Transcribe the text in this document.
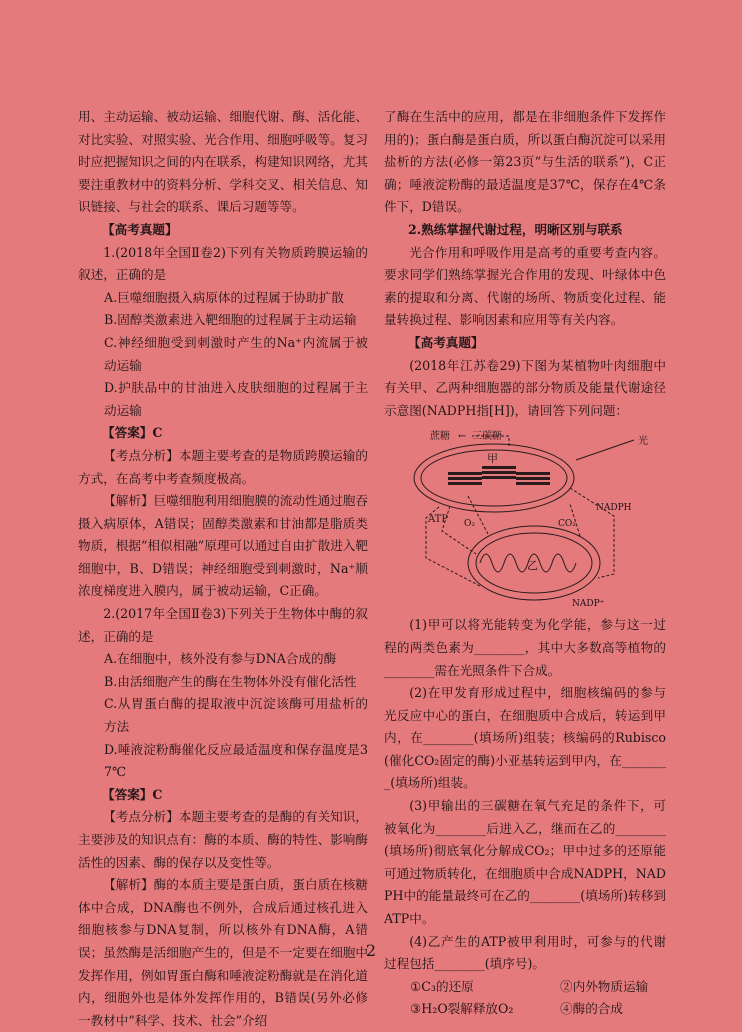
用、主动运输、被动运输、细胞代谢、酶、活化能、对比实验、对照实验、光合作用、细胞呼吸等。复习时应把握知识之间的内在联系，构建知识网络，尤其要注重教材中的资料分析、学科交叉、相关信息、知识链接、与社会的联系、课后习题等等。

【高考真题】

1.(2018年全国Ⅱ卷2)下列有关物质跨膜运输的叙述，正确的是

A.巨噬细胞摄入病原体的过程属于协助扩散

B.固醇类激素进入靶细胞的过程属于主动运输

C.神经细胞受到刺激时产生的Na⁺内流属于被动运输

D.护肤品中的甘油进入皮肤细胞的过程属于主动运输

【答案】C

【考点分析】本题主要考查的是物质跨膜运输的方式，在高考中考查频度极高。

【解析】巨噬细胞利用细胞膜的流动性通过胞吞摄入病原体，A错误；固醇类激素和甘油都是脂质类物质，根据“相似相融”原理可以通过自由扩散进入靶细胞中，B、D错误；神经细胞受到刺激时，Na⁺顺浓度梯度进入膜内，属于被动运输，C正确。

2.(2017年全国Ⅱ卷3)下列关于生物体中酶的叙述，正确的是

A.在细胞中，核外没有参与DNA合成的酶

B.由活细胞产生的酶在生物体外没有催化活性

C.从胃蛋白酶的提取液中沉淀该酶可用盐析的方法

D.唾液淀粉酶催化反应最适温度和保存温度是37℃

【答案】C

【考点分析】本题主要考查的是酶的有关知识，主要涉及的知识点有：酶的本质、酶的特性、影响酶活性的因素、酶的保存以及变性等。

【解析】酶的本质主要是蛋白质，蛋白质在核糖体中合成，DNA酶也不例外，合成后通过核孔进入细胞核参与DNA复制，所以核外有DNA酶，A错误；虽然酶是活细胞产生的，但是不一定要在细胞中发挥作用，例如胃蛋白酶和唾液淀粉酶就是在消化道内，细胞外也是体外发挥作用的，B错误(另外必修一教材中“科学、技术、社会”介绍

了酶在生活中的应用，都是在非细胞条件下发挥作用的)；蛋白酶是蛋白质，所以蛋白酶沉淀可以采用盐析的方法(必修一第23页“与生活的联系”)，C正确；唾液淀粉酶的最适温度是37℃，保存在4℃条件下，D错误。

2.熟练掌握代谢过程，明晰区别与联系

光合作用和呼吸作用是高考的重要考查内容。要求同学们熟练掌握光合作用的发现、叶绿体中色素的提取和分离、代谢的场所、物质变化过程、能量转换过程、影响因素和应用等有关内容。

【高考真题】

(2018年江苏卷29)下图为某植物叶肉细胞中有关甲、乙两种细胞器的部分物质及能量代谢途径示意图(NADPH指[H])，请回答下列问题：

蔗糖 ← 三碳糖	光
甲
乙
ATP O₂	CO₂
NADPH
NADP⁺

(1)甲可以将光能转变为化学能，参与这一过程的两类色素为________，其中大多数高等植物的________需在光照条件下合成。

(2)在甲发育形成过程中，细胞核编码的参与光反应中心的蛋白，在细胞质中合成后，转运到甲内，在________(填场所)组装；核编码的Rubisco(催化CO₂固定的酶)小亚基转运到甲内，在________(填场所)组装。

(3)甲输出的三碳糖在氧气充足的条件下，可被氧化为________后进入乙，继而在乙的________(填场所)彻底氧化分解成CO₂；甲中过多的还原能可通过物质转化，在细胞质中合成NADPH，NADPH中的能量最终可在乙的________(填场所)转移到ATP中。

(4)乙产生的ATP被甲利用时，可参与的代谢过程包括________(填序号)。

①C₃的还原	②内外物质运输

③H₂O裂解释放O₂	④酶的合成

2
